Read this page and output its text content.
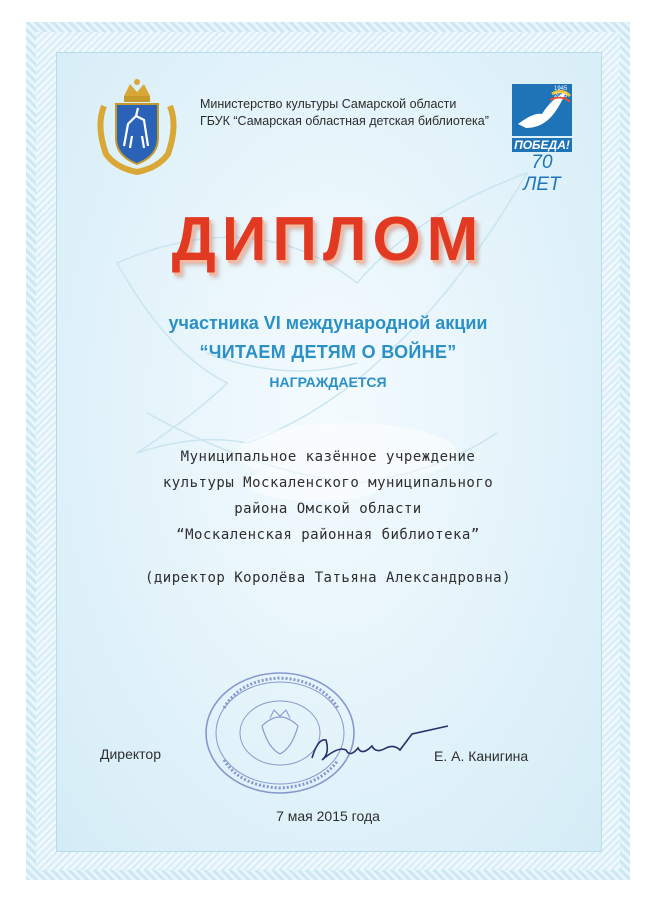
Министерство культуры Самарской области
ГБУК “Самарская областная детская библиотека”
1945
2015
ПОБЕДА!
70 ЛЕТ
ДИПЛОМ
участника VI международной акции
“ЧИТАЕМ ДЕТЯМ О ВОЙНЕ”
НАГРАЖДАЕТСЯ
Муниципальное казённое учреждение
культуры Москаленского муниципального
района Омской области
“Москаленская районная библиотека”
(директор Королёва Татьяна Александровна)
Директор	Е. А. Канигина
7 мая 2015 года
